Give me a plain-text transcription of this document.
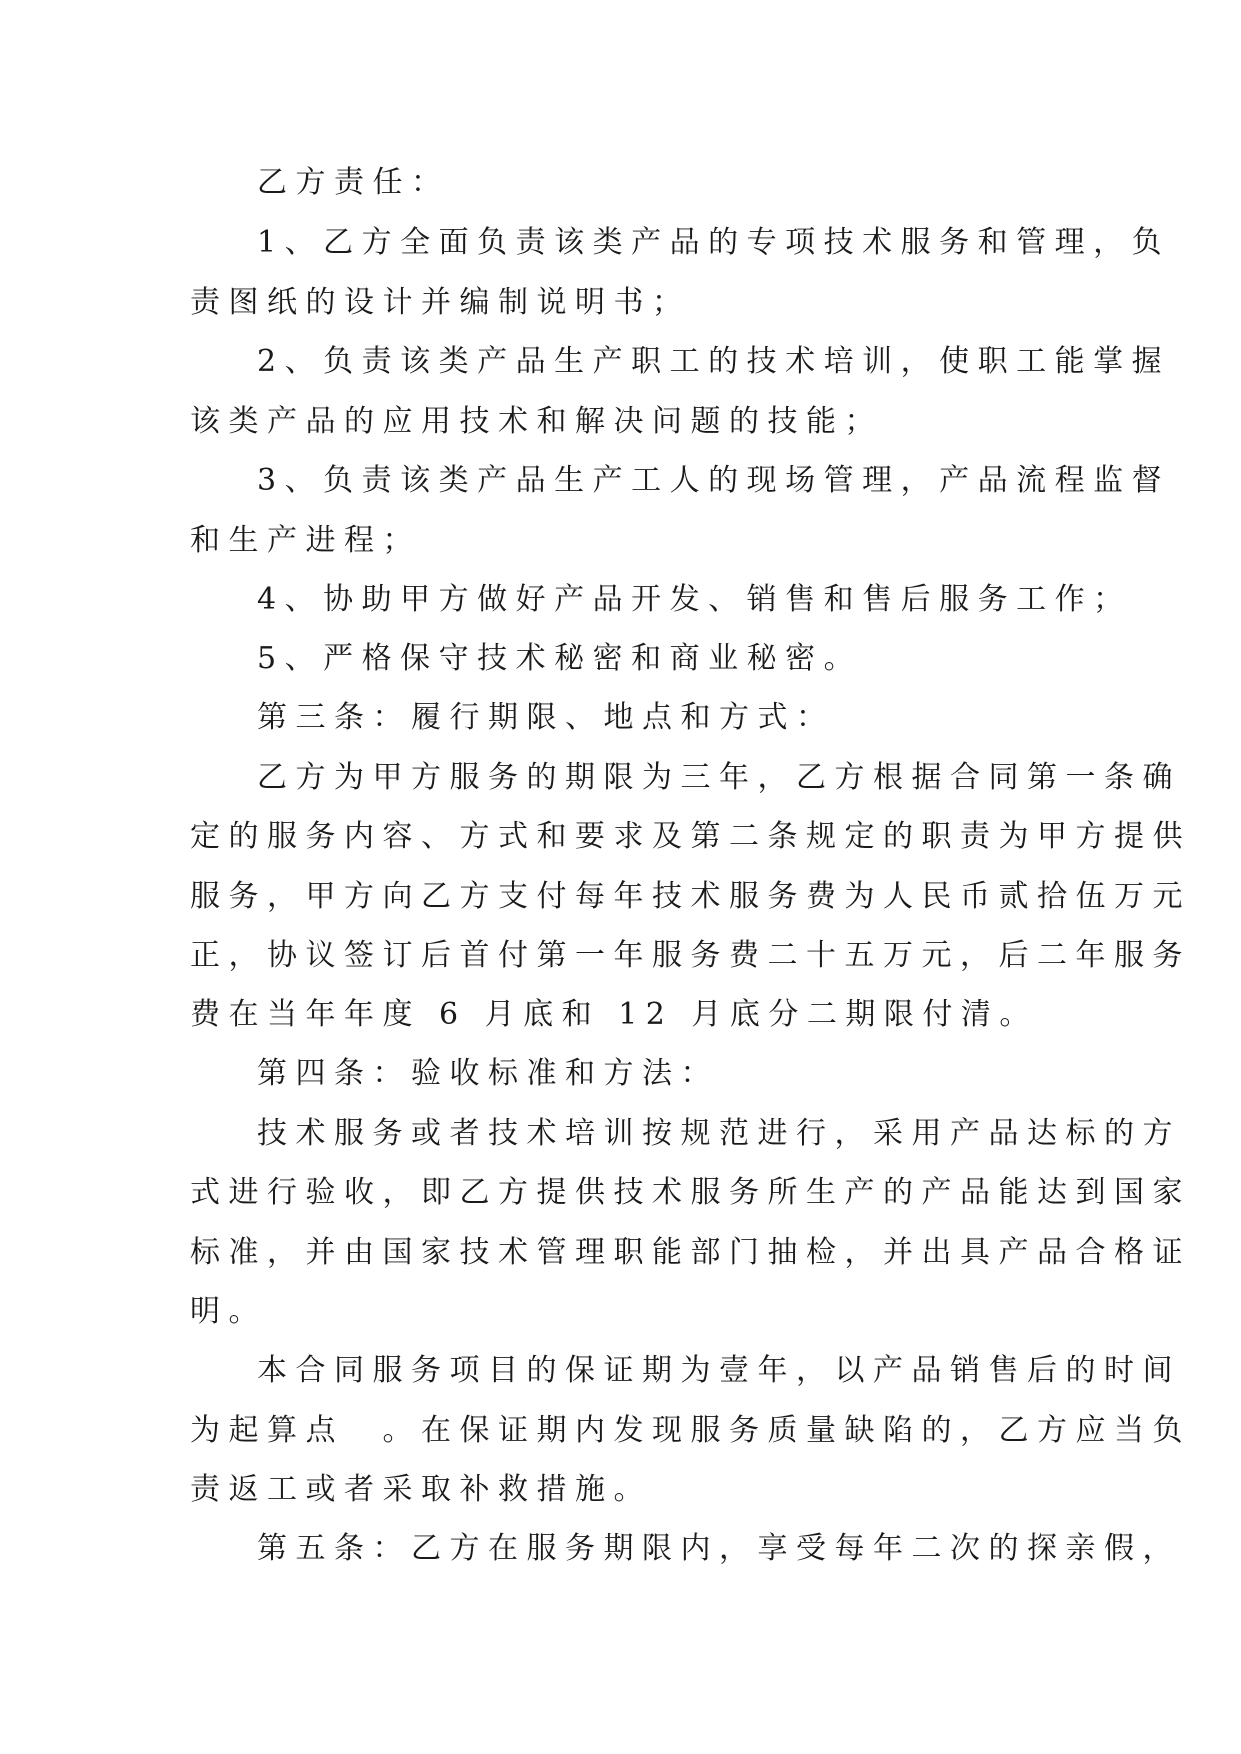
乙方责任：
1、乙方全面负责该类产品的专项技术服务和管理，负
责图纸的设计并编制说明书；
2、负责该类产品生产职工的技术培训，使职工能掌握
该类产品的应用技术和解决问题的技能；
3、负责该类产品生产工人的现场管理，产品流程监督
和生产进程；
4、协助甲方做好产品开发、销售和售后服务工作；
5、严格保守技术秘密和商业秘密。
第三条：履行期限、地点和方式：
乙方为甲方服务的期限为三年，乙方根据合同第一条确
定的服务内容、方式和要求及第二条规定的职责为甲方提供
服务，甲方向乙方支付每年技术服务费为人民币贰拾伍万元
正，协议签订后首付第一年服务费二十五万元，后二年服务
费在当年年度 6 月底和 12 月底分二期限付清。
第四条：验收标准和方法：
技术服务或者技术培训按规范进行，采用产品达标的方
式进行验收，即乙方提供技术服务所生产的产品能达到国家
标准，并由国家技术管理职能部门抽检，并出具产品合格证
明。
本合同服务项目的保证期为壹年，以产品销售后的时间
为起算点　。在保证期内发现服务质量缺陷的，乙方应当负
责返工或者采取补救措施。
第五条：乙方在服务期限内，享受每年二次的探亲假，
